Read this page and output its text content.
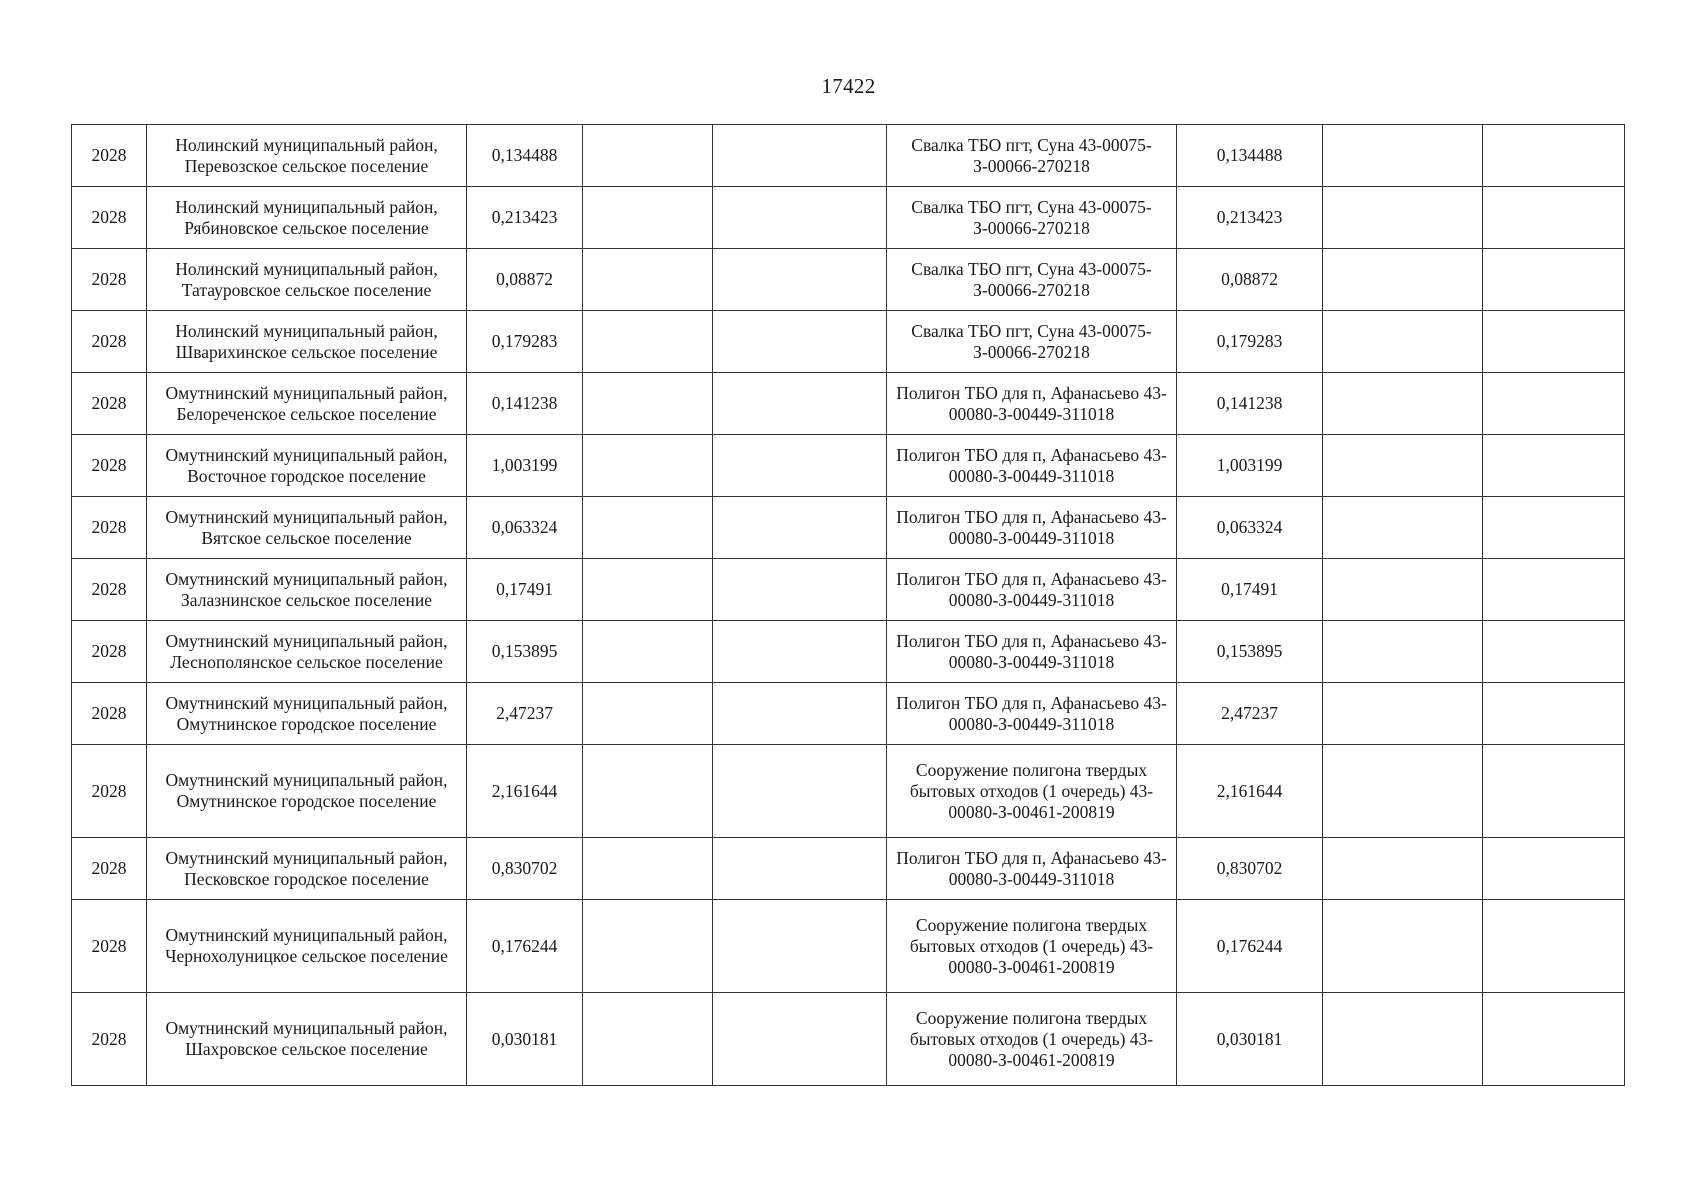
17422
2028	Нолинский муниципальный район, Перевозское сельское поселение	0,134488			Свалка ТБО пгт, Суна 43-00075-З-00066-270218	0,134488		
2028	Нолинский муниципальный район, Рябиновское сельское поселение	0,213423			Свалка ТБО пгт, Суна 43-00075-З-00066-270218	0,213423		
2028	Нолинский муниципальный район, Татауровское сельское поселение	0,08872			Свалка ТБО пгт, Суна 43-00075-З-00066-270218	0,08872		
2028	Нолинский муниципальный район, Шварихинское сельское поселение	0,179283			Свалка ТБО пгт, Суна 43-00075-З-00066-270218	0,179283		
2028	Омутнинский муниципальный район, Белореченское сельское поселение	0,141238			Полигон ТБО для п, Афанасьево 43-00080-З-00449-311018	0,141238		
2028	Омутнинский муниципальный район, Восточное городское поселение	1,003199			Полигон ТБО для п, Афанасьево 43-00080-З-00449-311018	1,003199		
2028	Омутнинский муниципальный район, Вятское сельское поселение	0,063324			Полигон ТБО для п, Афанасьево 43-00080-З-00449-311018	0,063324		
2028	Омутнинский муниципальный район, Залазнинское сельское поселение	0,17491			Полигон ТБО для п, Афанасьево 43-00080-З-00449-311018	0,17491		
2028	Омутнинский муниципальный район, Леснополянское сельское поселение	0,153895			Полигон ТБО для п, Афанасьево 43-00080-З-00449-311018	0,153895		
2028	Омутнинский муниципальный район, Омутнинское городское поселение	2,47237			Полигон ТБО для п, Афанасьево 43-00080-З-00449-311018	2,47237		
2028	Омутнинский муниципальный район, Омутнинское городское поселение	2,161644			Сооружение полигона твердых бытовых отходов (1 очередь) 43-00080-З-00461-200819	2,161644		
2028	Омутнинский муниципальный район, Песковское городское поселение	0,830702			Полигон ТБО для п, Афанасьево 43-00080-З-00449-311018	0,830702		
2028	Омутнинский муниципальный район, Чернохолуницкое сельское поселение	0,176244			Сооружение полигона твердых бытовых отходов (1 очередь) 43-00080-З-00461-200819	0,176244		
2028	Омутнинский муниципальный район, Шахровское сельское поселение	0,030181			Сооружение полигона твердых бытовых отходов (1 очередь) 43-00080-З-00461-200819	0,030181		
